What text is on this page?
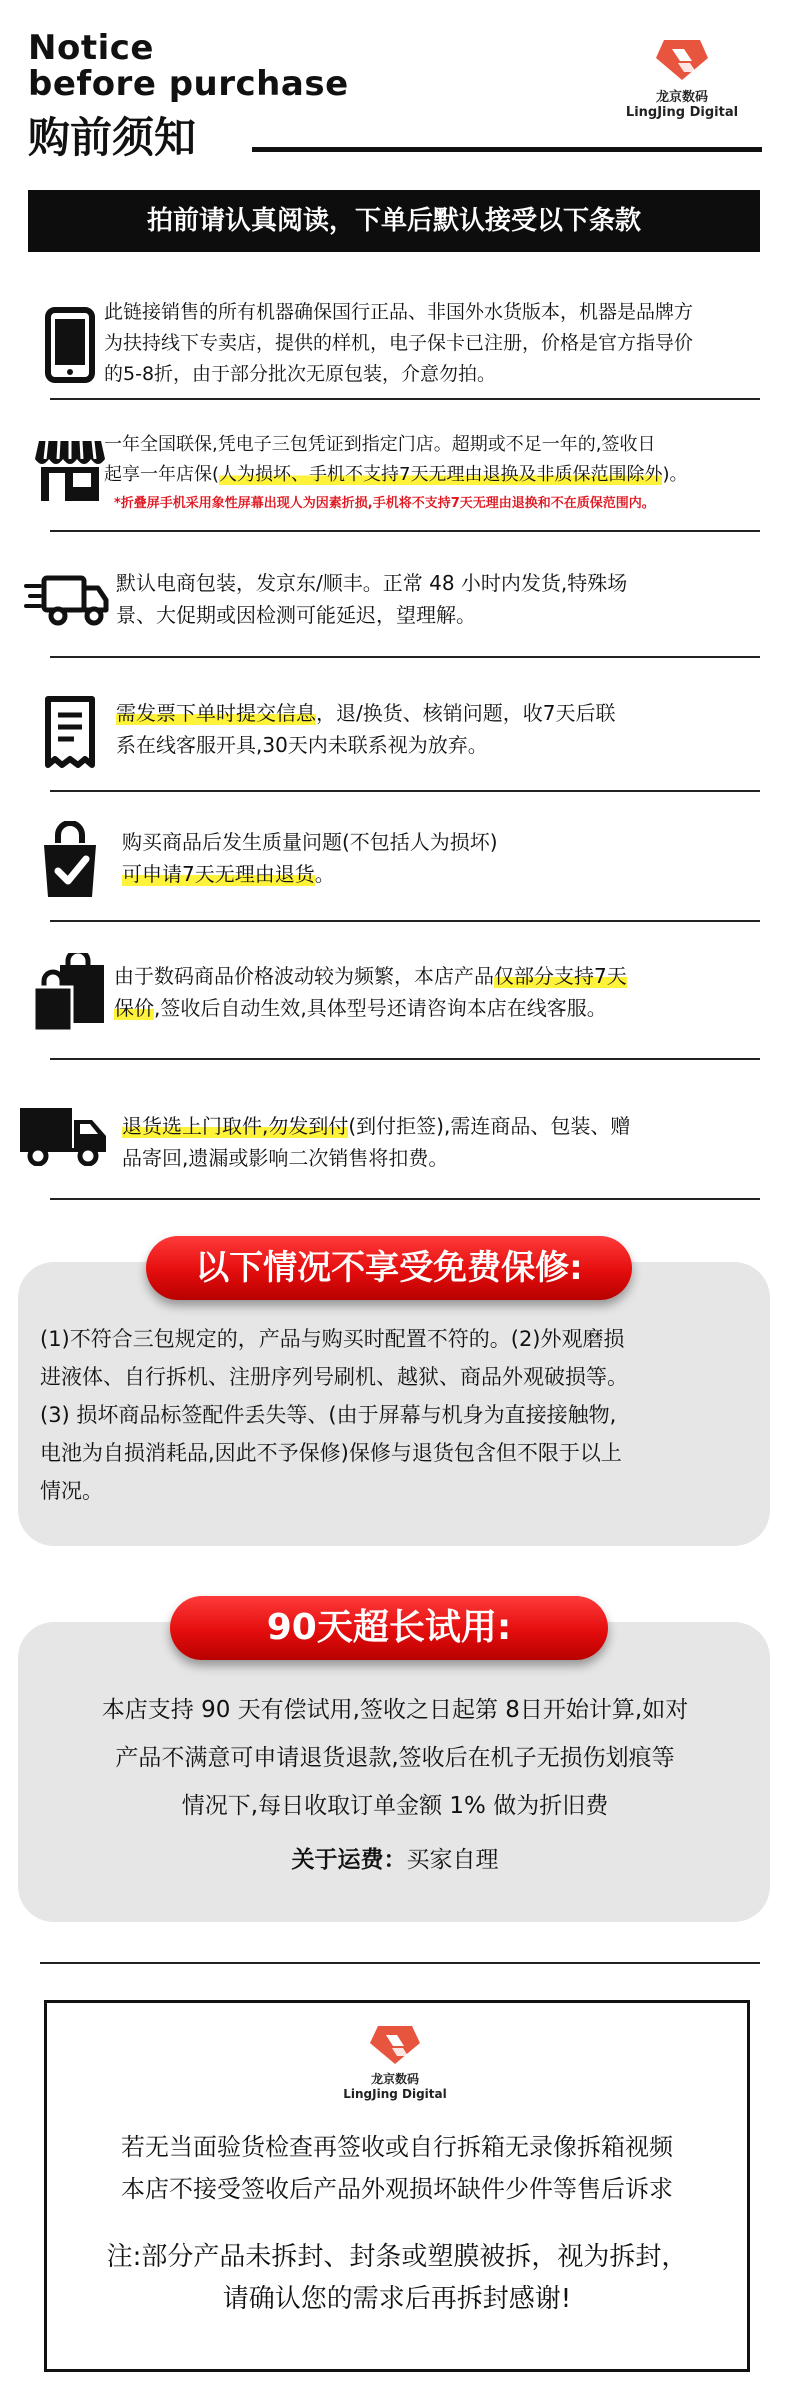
Notice
before purchase
购前须知
龙京数码
LingJing Digital
拍前请认真阅读，下单后默认接受以下条款
此链接销售的所有机器确保国行正品、非国外水货版本，机器是品牌方
为扶持线下专卖店，提供的样机，电子保卡已注册，价格是官方指导价
的5-8折，由于部分批次无原包装，介意勿拍。
一年全国联保,凭电子三包凭证到指定门店。超期或不足一年的,签收日
起享一年店保(人为损坏、手机不支持7天无理由退换及非质保范围除外)。
*折叠屏手机采用象性屏幕出现人为因素折损,手机将不支持7天无理由退换和不在质保范围内。
默认电商包装，发京东/顺丰。正常 48 小时内发货,特殊场
景、大促期或因检测可能延迟，望理解。
需发票下单时提交信息，退/换货、核销问题，收7天后联
系在线客服开具,30天内未联系视为放弃。
购买商品后发生质量问题(不包括人为损坏)
可申请7天无理由退货。
由于数码商品价格波动较为频繁，本店产品仅部分支持7天
保价,签收后自动生效,具体型号还请咨询本店在线客服。
退货选上门取件,勿发到付(到付拒签),需连商品、包装、赠
品寄回,遗漏或影响二次销售将扣费。
以下情况不享受免费保修:
(1)不符合三包规定的，产品与购买时配置不符的。(2)外观磨损
进液体、自行拆机、注册序列号刷机、越狱、商品外观破损等。
(3) 损坏商品标签配件丢失等、(由于屏幕与机身为直接接触物,
电池为自损消耗品,因此不予保修)保修与退货包含但不限于以上
情况。
90天超长试用:
本店支持 90 天有偿试用,签收之日起第 8日开始计算,如对
产品不满意可申请退货退款,签收后在机子无损伤划痕等
情况下,每日收取订单金额 1% 做为折旧费
关于运费：买家自理
龙京数码
LingJing Digital
若无当面验货检查再签收或自行拆箱无录像拆箱视频
本店不接受签收后产品外观损坏缺件少件等售后诉求
注:部分产品未拆封、封条或塑膜被拆，视为拆封，
请确认您的需求后再拆封感谢!
